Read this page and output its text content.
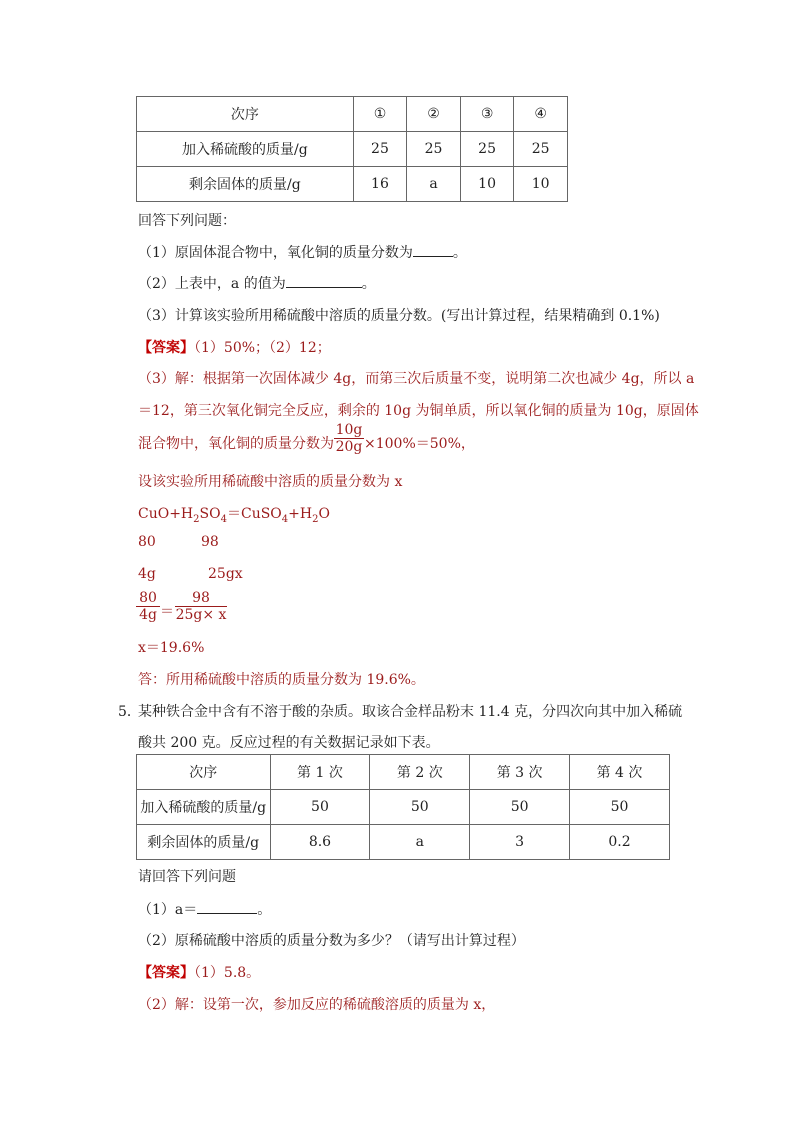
次序	①	②	③	④
加入稀硫酸的质量/g	25	25	25	25
剩余固体的质量/g	16	a	10	10
回答下列问题：
（1）原固体混合物中，氧化铜的质量分数为	。
（2）上表中，a 的值为	。
（3）计算该实验所用稀硫酸中溶质的质量分数。(写出计算过程，结果精确到 0.1%)
【答案】（1）50%；（2）12；
（3）解：根据第一次固体减少 4g，而第三次后质量不变，说明第二次也减少 4g，所以 a
＝12，第三次氧化铜完全反应，剩余的 10g 为铜单质，所以氧化铜的质量为 10g，原固体
混合物中，氧化铜的质量分数为 $\frac{10g}{20g} \times 100\%=50\%$，
设该实验所用稀硫酸中溶质的质量分数为 x
$CuO+H_2SO_4=CuSO_4+H_2O$
80	98
4g	25gx
$\frac{80}{4g} = \frac{98}{25g\times x}$
x＝19.6%
答：所用稀硫酸中溶质的质量分数为 19.6%。
5．
某种铁合金中含有不溶于酸的杂质。取该合金样品粉末 11.4 克，分四次向其中加入稀硫
酸共 200 克。反应过程的有关数据记录如下表。
次序	第 1 次	第 2 次	第 3 次	第 4 次
加入稀硫酸的质量/g	50	50	50	50
剩余固体的质量/g	8.6	a	3	0.2
请回答下列问题
（1）a＝	。
（2）原稀硫酸中溶质的质量分数为多少？（请写出计算过程）
【答案】（1）5.8。
（2）解：设第一次，参加反应的稀硫酸溶质的质量为 x，
